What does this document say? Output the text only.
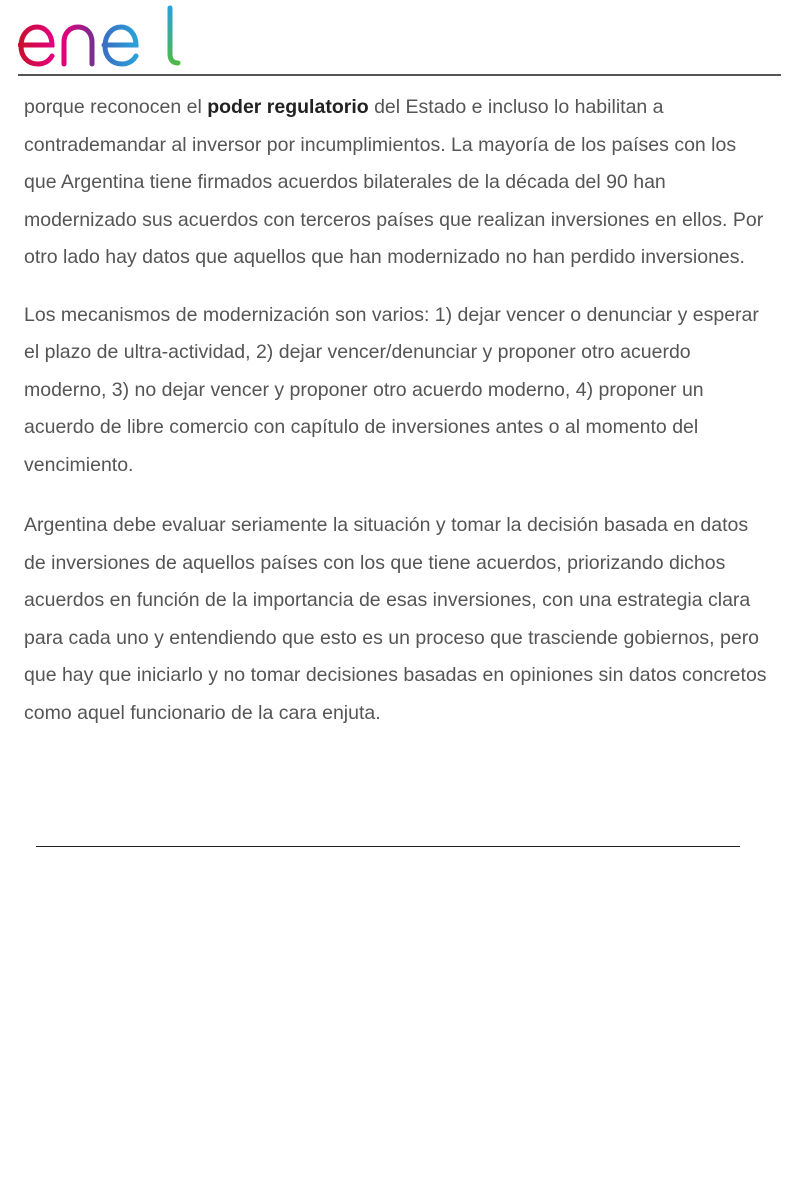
porque reconocen el poder regulatorio del Estado e incluso lo habilitan a contrademandar al inversor por incumplimientos. La mayoría de los países con los que Argentina tiene firmados acuerdos bilaterales de la década del 90 han modernizado sus acuerdos con terceros países que realizan inversiones en ellos. Por otro lado hay datos que aquellos que han modernizado no han perdido inversiones.

Los mecanismos de modernización son varios: 1) dejar vencer o denunciar y esperar el plazo de ultra-actividad, 2) dejar vencer/denunciar y proponer otro acuerdo moderno, 3) no dejar vencer y proponer otro acuerdo moderno, 4) proponer un acuerdo de libre comercio con capítulo de inversiones antes o al momento del vencimiento.

Argentina debe evaluar seriamente la situación y tomar la decisión basada en datos de inversiones de aquellos países con los que tiene acuerdos, priorizando dichos acuerdos en función de la importancia de esas inversiones, con una estrategia clara para cada uno y entendiendo que esto es un proceso que trasciende gobiernos, pero que hay que iniciarlo y no tomar decisiones basadas en opiniones sin datos concretos como aquel funcionario de la cara enjuta.
